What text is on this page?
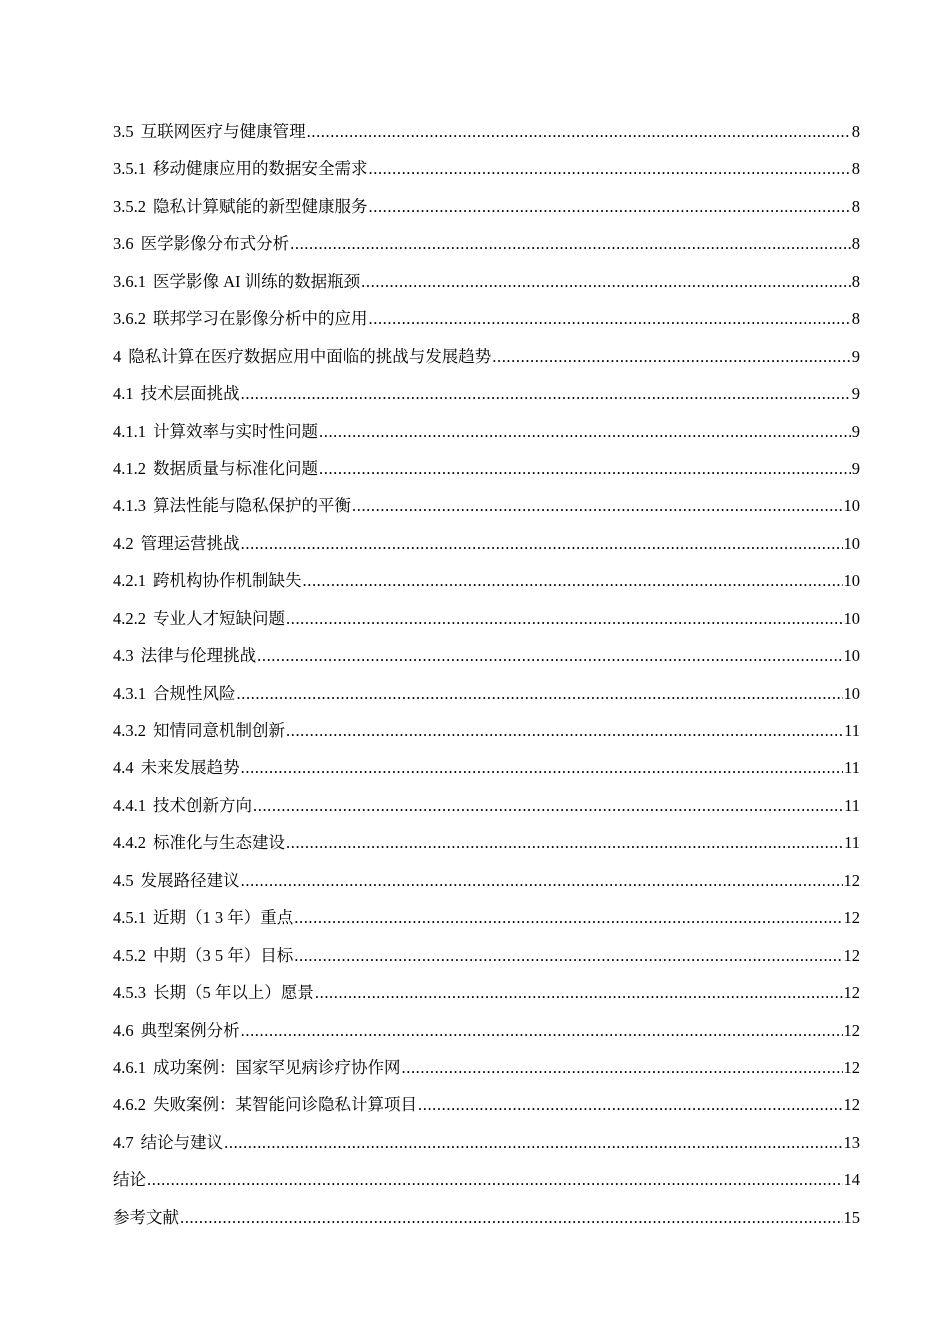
3.5 互联网医疗与健康管理 .....	8
3.5.1 移动健康应用的数据安全需求 .....	8
3.5.2 隐私计算赋能的新型健康服务 .....	8
3.6 医学影像分布式分析 .....	8
3.6.1 医学影像 AI 训练的数据瓶颈 .....	8
3.6.2 联邦学习在影像分析中的应用 .....	8
4 隐私计算在医疗数据应用中面临的挑战与发展趋势 .....	9
4.1 技术层面挑战 .....	9
4.1.1 计算效率与实时性问题 .....	9
4.1.2 数据质量与标准化问题 .....	9
4.1.3 算法性能与隐私保护的平衡 .....	10
4.2 管理运营挑战 .....	10
4.2.1 跨机构协作机制缺失 .....	10
4.2.2 专业人才短缺问题 .....	10
4.3 法律与伦理挑战 .....	10
4.3.1 合规性风险 .....	10
4.3.2 知情同意机制创新 .....	11
4.4 未来发展趋势 .....	11
4.4.1 技术创新方向 .....	11
4.4.2 标准化与生态建设 .....	11
4.5 发展路径建议 .....	12
4.5.1 近期（1 3 年）重点 .....	12
4.5.2 中期（3 5 年）目标 .....	12
4.5.3 长期（5 年以上）愿景 .....	12
4.6 典型案例分析 .....	12
4.6.1 成功案例：国家罕见病诊疗协作网 .....	12
4.6.2 失败案例：某智能问诊隐私计算项目 .....	12
4.7 结论与建议 .....	13
结论 .....	14
参考文献 .....	15
